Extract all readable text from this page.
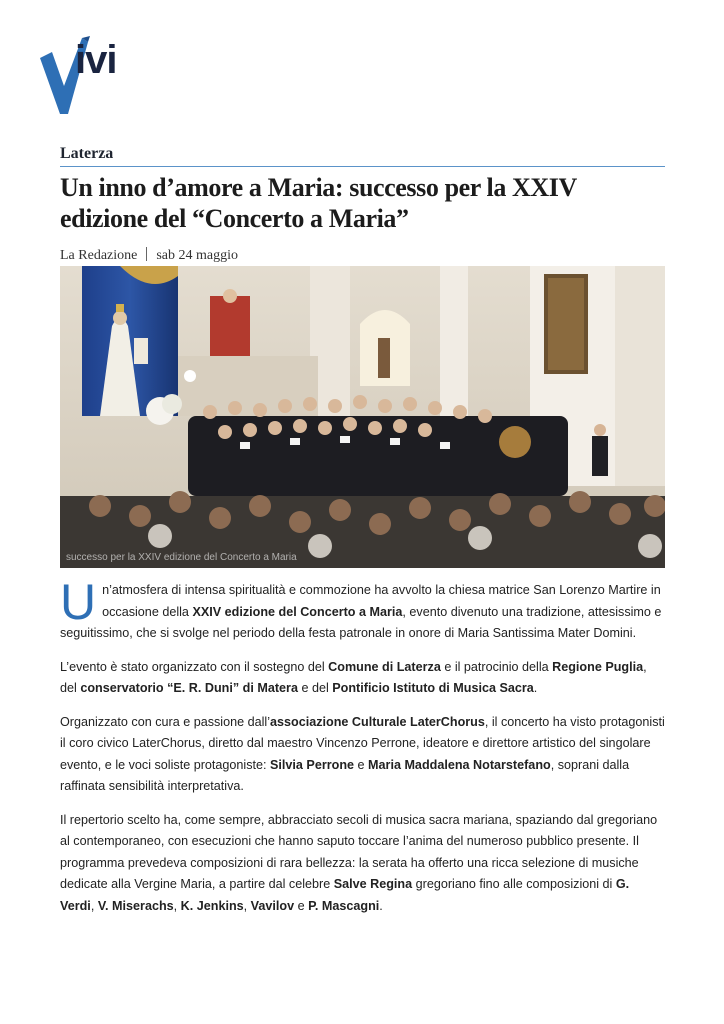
ivi
Laterza
Un inno d’amore a Maria: successo per la XXIV edizione del “Concerto a Maria”
La Redazione sab 24 maggio
successo per la XXIV edizione del Concerto a Maria

Un’atmosfera di intensa spiritualità e commozione ha avvolto la chiesa matrice San Lorenzo Martire in occasione della XXIV edizione del Concerto a Maria, evento divenuto una tradizione, attesissimo e seguitissimo, che si svolge nel periodo della festa patronale in onore di Maria Santissima Mater Domini.

L’evento è stato organizzato con il sostegno del Comune di Laterza e il patrocinio della Regione Puglia, del conservatorio “E. R. Duni” di Matera e del Pontificio Istituto di Musica Sacra.

Organizzato con cura e passione dall’associazione Culturale LaterChorus, il concerto ha visto protagonisti il coro civico LaterChorus, diretto dal maestro Vincenzo Perrone, ideatore e direttore artistico del singolare evento, e le voci soliste protagoniste: Silvia Perrone e Maria Maddalena Notarstefano, soprani dalla raffinata sensibilità interpretativa.

Il repertorio scelto ha, come sempre, abbracciato secoli di musica sacra mariana, spaziando dal gregoriano al contemporaneo, con esecuzioni che hanno saputo toccare l’anima del numeroso pubblico presente. Il programma prevedeva composizioni di rara bellezza: la serata ha offerto una ricca selezione di musiche dedicate alla Vergine Maria, a partire dal celebre Salve Regina gregoriano fino alle composizioni di G. Verdi, V. Miserachs, K. Jenkins, Vavilov e P. Mascagni.
